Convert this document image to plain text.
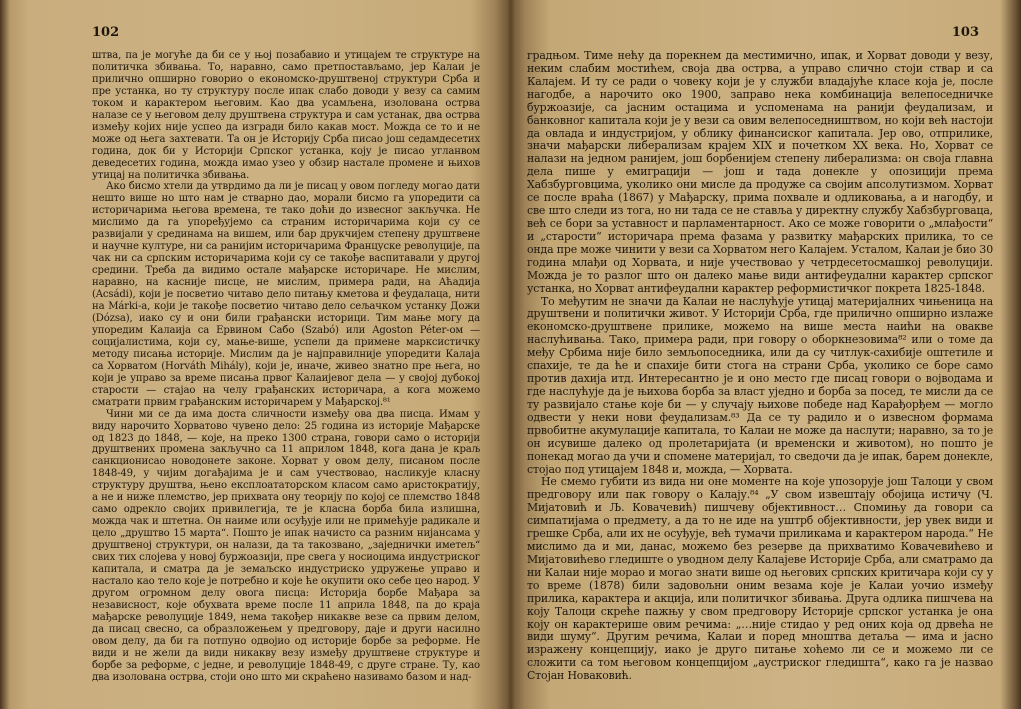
102

штва, па је могуће да би се у њој позабавио и утицајем те структуре на политичка збивања. То, наравно, само претпостављамо, јер Калаи је прилично опширно говорио о економско-друштвеној структури Срба и пре устанка, но ту структуру после ипак слабо доводи у везу са самим током и карактером његовим. Као два усамљена, изолована острва налазе се у његовом делу друштвена структура и сам устанак, два острва између којих није успео да изгради било какав мост. Можда се то и не може од њега захтевати. Та он је Историју Срба писао још седамдесетих година, док би у Историји Српског устанка, коју је писао угланвом деведесетих година, можда имао узео у обзир настале промене и њихов утицај на политичка збивања.

Ако бисмо хтели да утврдимо да ли је писац у овом погледу могао дати нешто више но што нам је стварно дао, морали бисмо га упоредити са историчарима његова времена, те тако доћи до извесног закључка. Не мислимо да га упоређујемо са страним историчарима који су се развијали у срединама на вишем, или бар друкчијем степену друштвене и научне културе, ни са ранијим историчарима Француске револуције, па чак ни са српским историчарима који су се такође васпитавали у другој средини. Треба да видимо остале мађарске историчаре. Не мислим, наравно, на касније писце, не мислим, примера ради, на Аћадија (Acsádi), који је посветио читаво дело питању кметова и феудалаца, нити на Márki-a, који је такође посветио читаво дело сељачком устанку Дожи (Dózsa), иако су и они били грађански историци. Тим мање могу да упоредим Калаија са Ервином Сабо (Szabó) или Agoston Péter-ом — социјалистима, који су, мање-више, успели да примене марксистичку методу писања историје. Мислим да је најправилније упоредити Калаја са Хорватом (Horváth Mihály), који је, иначе, живео знатно пре њега, но који је управо за време писања првог Калаијевог дела — у својој дубокој старости — стајао на челу грађанских историчара, а кога можемо сматрати првим грађанским историчарем у Мађарској.⁸¹

Чини ми се да има доста сличности између ова два писца. Имам у виду нарочито Хорватово чувено дело: 25 година из историје Мађарске од 1823 до 1848, — које, на преко 1300 страна, говори само о историји друштвених промена закључно са 11 априлом 1848, кога дана је краљ санкционисао новодонете законе. Хорват у овом делу, писаном после 1848-49, у чијим догађајима је и сам учествовао, насликује класну структуру друштва, њено експлоататорском класом само аристократију, а не и ниже племство, јер прихвата ону теорију по којој се племство 1848 само одрекло својих привилегија, те је класна борба била излишна, можда чак и штетна. Он наиме или осуђује или не примећује радикале и цело „друштво 15 марта“. Пошто је ипак начисто са разним нијансама у друштвеној структури, он налази, да та такозвано, „заједнички иметељ“ свих тих слојева у новој буржоазији, пре свега у носиоцима индустриског капитала, и сматра да је земаљско индустриско удружење управо и настало као тело које је потребно и које ће окупити око себе цео народ. У другом огромном делу овога писца: Историја борбе Мађара за независност, које обухвата време после 11 априла 1848, па до краја мађарске револуције 1849, нема такођер никакве везе са првим делом, да писац свесно, са образложењем у предговору, даје и други насилно овом делу, да би га потпуно одвојио од историје борбе за реформе. Не види и не жели да види никакву везу између друштвене структуре и борбе за реформе, с једне, и револуције 1848-49, с друге стране. Ту, као два изолована острва, стоји оно што ми скраћено називамо базом и над-

103

градњом. Тиме нећу да порекнем да местимично, ипак, и Хорват доводи у везу, неким слабим мостићем, своја два острва, а управо слично стоји ствар и са Калајем. И ту се ради о човеку који је у служби владајуће класе која је, после нагодбе, а нарочито око 1900, заправо нека комбинација велепоседничке буржоазије, са јасним остацима и успоменама на ранији феудализам, и банковног капитала који је у вези са овим велепоседништвом, но који већ настоји да овлада и индустријом, у облику финансиског капитала. Јер ово, отприлике, значи мађарски либерализам крајем XIX и почетком XX века. Но, Хорват се налази на једном ранијем, још борбенијем степену либерализма: он своја главна дела пише у емиграцији — још и тада донекле у опозицији према Хабзбурговцима, уколико они мисле да продуже са својим апсолутизмом. Хорват се после враћа (1867) у Мађарску, прима похвале и одликовања, а и нагодбу, и све што следи из тога, но ни тада се не ставља у директну службу Хабзбурговаца, већ се бори за уставност и парламентарност. Ако се може говорити о „млађости“ и „старости“ историчара према фазама у развитку мађарских прилика, то се онда пре може чинити у вези са Хорватом него Калајем. Усталом, Калаи је био 30 година млађи од Хорвата, и није учествовао у четрдесетосмашкој револуцији. Можда је то разлог што он далеко мање види антифеудални карактер српског устанка, но Хорват антифеудални карактер реформистичког покрета 1825-1848.

То међутим не значи да Калаи не наслућује утицај материјалних чињеница на друштвени и политички живот. У Историји Срба, где прилично опширно излаже економско-друштвене прилике, можемо на више места наићи на овакве наслућивања. Тако, примера ради, при говору о оборкнезовима⁸² или о томе да међу Србима није било земљопоседника, или да су читлук-сахибије оштетиле и спахије, те да ће и спахије бити стога на страни Срба, уколико се боре само против дахија итд. Интересантно је и оно место где писац говори о војводама и где наслућује да је њихова борба за власт уједно и борба за посед, те мисли да се ту развијало стање које би — у случају њихове победе над Карађорђем — могло одвести у неки нови феудализам.⁸³ Да се ту радило и о извесном формама првобитне акумулације капитала, то Калаи не може да наслути; наравно, за то је он исувише далеко од пролетаријата (и временски и животом), но пошто је понекад могао да учи и спомене материјал, то сведочи да је ипак, барем донекле, стојао под утицајем 1848 и, можда, — Хорвата.

Не смемо губити из вида ни оне моменте на које упозорује још Талоци у свом предговору или пак говору о Калају.⁸⁴ „У свом извештају обојица истичу (Ч. Мијатовић и Љ. Ковачевић) пишчеву објективност… Спомињу да говори са симпатијама о предмету, а да то не иде на уштрб објективности, јер увек види и грешке Срба, али их не осуђује, већ тумачи приликама и карактером народа.“ Не мислимо да и ми, данас, можемо без резерве да прихватимо Ковачевићево и Мијатовићево гледиште о уводном делу Калајеве Историје Срба, али сматрамо да ни Калаи није морао и могао знати више од његових српских критичара који су у то време (1878) били задовољни оним везама које је Калаи уочио између прилика, карактера и акција, или политичког збивања. Друга одлика пишчева на коју Талоци скреће пажњу у свом предговору Историје српског устанка је она коју он карактерише овим речима: „…није стидао у ред оних која од дрвећа не види шуму“. Другим речима, Калаи и поред мноштва детаља — има и јасно изражену концепцију, иако је друго питање хоћемо ли се и можемо ли се сложити са том његовом концепцијом „аустриског гледишта“, како га је назвао Стојан Новаковић.
